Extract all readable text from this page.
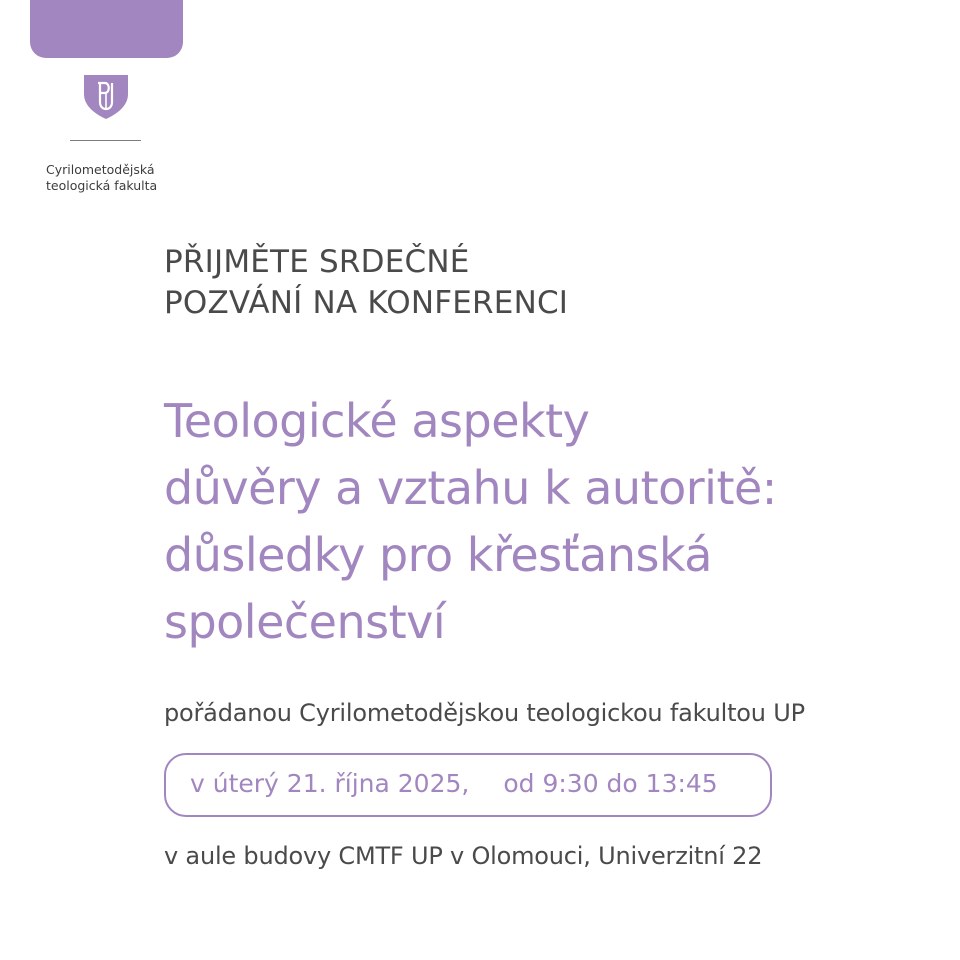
Cyrilometodějská
teologická fakulta
PŘIJMĚTE SRDEČNÉ
POZVÁNÍ NA KONFERENCI
Teologické aspekty
důvěry a vztahu k autoritě:
důsledky pro křesťanská
společenství
pořádanou Cyrilometodějskou teologickou fakultou UP
v úterý 21. října 2025, od 9:30 do 13:45
v aule budovy CMTF UP v Olomouci, Univerzitní 22
